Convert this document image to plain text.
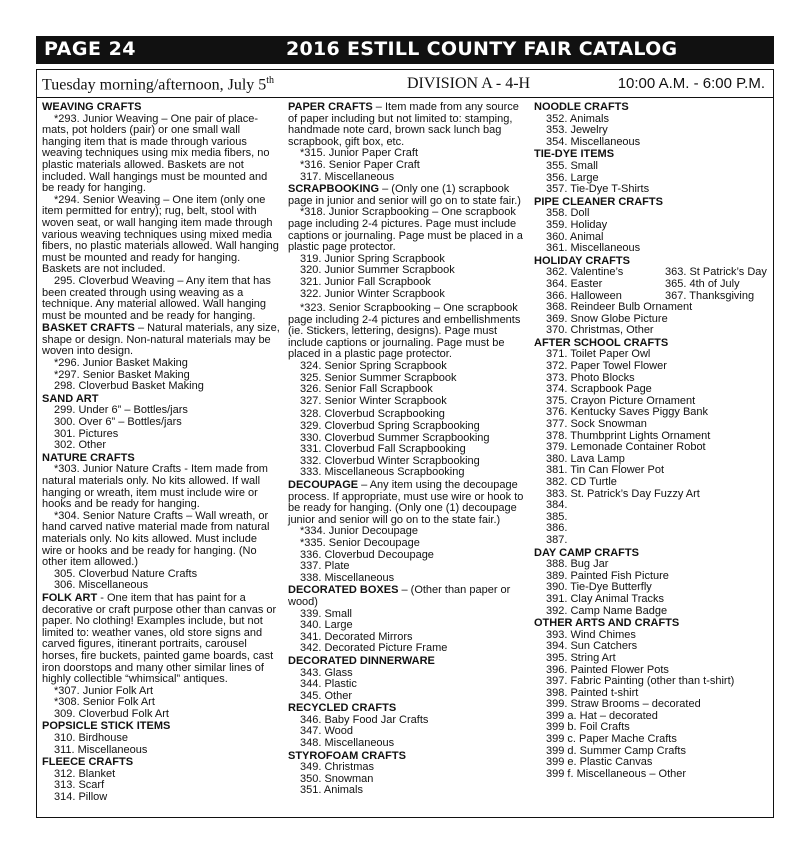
PAGE 24	2016 ESTILL COUNTY FAIR CATALOG
Tuesday morning/afternoon, July 5th	DIVISION A - 4-H	10:00 A.M. - 6:00 P.M.
WEAVING CRAFTS
*293. Junior Weaving – One pair of place-mats, pot holders (pair) or one small wall hanging item that is made through various weaving techniques using mix media fibers, no plastic materials allowed. Baskets are not included. Wall hangings must be mounted and be ready for hanging.
*294. Senior Weaving – One item (only one item permitted for entry); rug, belt, stool with woven seat, or wall hanging item made through various weaving techniques using mixed media fibers, no plastic materials allowed. Wall hanging must be mounted and ready for hanging. Baskets are not included.
295. Cloverbud Weaving – Any item that has been created through using weaving as a technique. Any material allowed. Wall hanging must be mounted and be ready for hanging.
BASKET CRAFTS – Natural materials, any size, shape or design. Non-natural materials may be woven into design.
*296. Junior Basket Making
*297. Senior Basket Making
298. Cloverbud Basket Making
SAND ART
299. Under 6” – Bottles/jars
300. Over 6” – Bottles/jars
301. Pictures
302. Other
NATURE CRAFTS
*303. Junior Nature Crafts - Item made from natural materials only. No kits allowed. If wall hanging or wreath, item must include wire or hooks and be ready for hanging.
*304. Senior Nature Crafts – Wall wreath, or hand carved native material made from natural materials only. No kits allowed. Must include wire or hooks and be ready for hanging. (No other item allowed.)
305. Cloverbud Nature Crafts
306. Miscellaneous
FOLK ART - One item that has paint for a decorative or craft purpose other than canvas or paper. No clothing! Examples include, but not limited to: weather vanes, old store signs and carved figures, itinerant portraits, carousel horses, fire buckets, painted game boards, cast iron doorstops and many other similar lines of highly collectible “whimsical” antiques.
*307. Junior Folk Art
*308. Senior Folk Art
309. Cloverbud Folk Art
POPSICLE STICK ITEMS
310. Birdhouse
311. Miscellaneous
FLEECE CRAFTS
312. Blanket
313. Scarf
314. Pillow
PAPER CRAFTS – Item made from any source of paper including but not limited to: stamping, handmade note card, brown sack lunch bag scrapbook, gift box, etc.
*315. Junior Paper Craft
*316. Senior Paper Craft
317. Miscellaneous
SCRAPBOOKING – (Only one (1) scrapbook page in junior and senior will go on to state fair.)
*318. Junior Scrapbooking – One scrapbook page including 2-4 pictures. Page must include captions or journaling. Page must be placed in a plastic page protector.
319. Junior Spring Scrapbook
320. Junior Summer Scrapbook
321. Junior Fall Scrapbook
322. Junior Winter Scrapbook
*323. Senior Scrapbooking – One scrapbook page including 2-4 pictures and embellishments (ie. Stickers, lettering, designs). Page must include captions or journaling. Page must be placed in a plastic page protector.
324. Senior Spring Scrapbook
325. Senior Summer Scrapbook
326. Senior Fall Scrapbook
327. Senior Winter Scrapbook
328. Cloverbud Scrapbooking
329. Cloverbud Spring Scrapbooking
330. Cloverbud Summer Scrapbooking
331. Cloverbud Fall Scrapbooking
332. Cloverbud Winter Scrapbooking
333. Miscellaneous Scrapbooking
DECOUPAGE – Any item using the decoupage process. If appropriate, must use wire or hook to be ready for hanging. (Only one (1) decoupage junior and senior will go on to the state fair.)
*334. Junior Decoupage
*335. Senior Decoupage
336. Cloverbud Decoupage
337. Plate
338. Miscellaneous
DECORATED BOXES – (Other than paper or wood)
339. Small
340. Large
341. Decorated Mirrors
342. Decorated Picture Frame
DECORATED DINNERWARE
343. Glass
344. Plastic
345. Other
RECYCLED CRAFTS
346. Baby Food Jar Crafts
347. Wood
348. Miscellaneous
STYROFOAM CRAFTS
349. Christmas
350. Snowman
351. Animals
NOODLE CRAFTS
352. Animals
353. Jewelry
354. Miscellaneous
TIE-DYE ITEMS
355. Small
356. Large
357. Tie-Dye T-Shirts
PIPE CLEANER CRAFTS
358. Doll
359. Holiday
360. Animal
361. Miscellaneous
HOLIDAY CRAFTS
362. Valentine’s	363. St Patrick’s Day
364. Easter	365. 4th of July
366. Halloween	367. Thanksgiving
368. Reindeer Bulb Ornament
369. Snow Globe Picture
370. Christmas, Other
AFTER SCHOOL CRAFTS
371. Toilet Paper Owl
372. Paper Towel Flower
373. Photo Blocks
374. Scrapbook Page
375. Crayon Picture Ornament
376. Kentucky Saves Piggy Bank
377. Sock Snowman
378. Thumbprint Lights Ornament
379. Lemonade Container Robot
380. Lava Lamp
381. Tin Can Flower Pot
382. CD Turtle
383. St. Patrick’s Day Fuzzy Art
384.
385.
386.
387.
DAY CAMP CRAFTS
388. Bug Jar
389. Painted Fish Picture
390. Tie-Dye Butterfly
391. Clay Animal Tracks
392. Camp Name Badge
OTHER ARTS AND CRAFTS
393. Wind Chimes
394. Sun Catchers
395. String Art
396. Painted Flower Pots
397. Fabric Painting (other than t-shirt)
398. Painted t-shirt
399. Straw Brooms – decorated
399 a. Hat – decorated
399 b. Foil Crafts
399 c. Paper Mache Crafts
399 d. Summer Camp Crafts
399 e. Plastic Canvas
399 f. Miscellaneous – Other
